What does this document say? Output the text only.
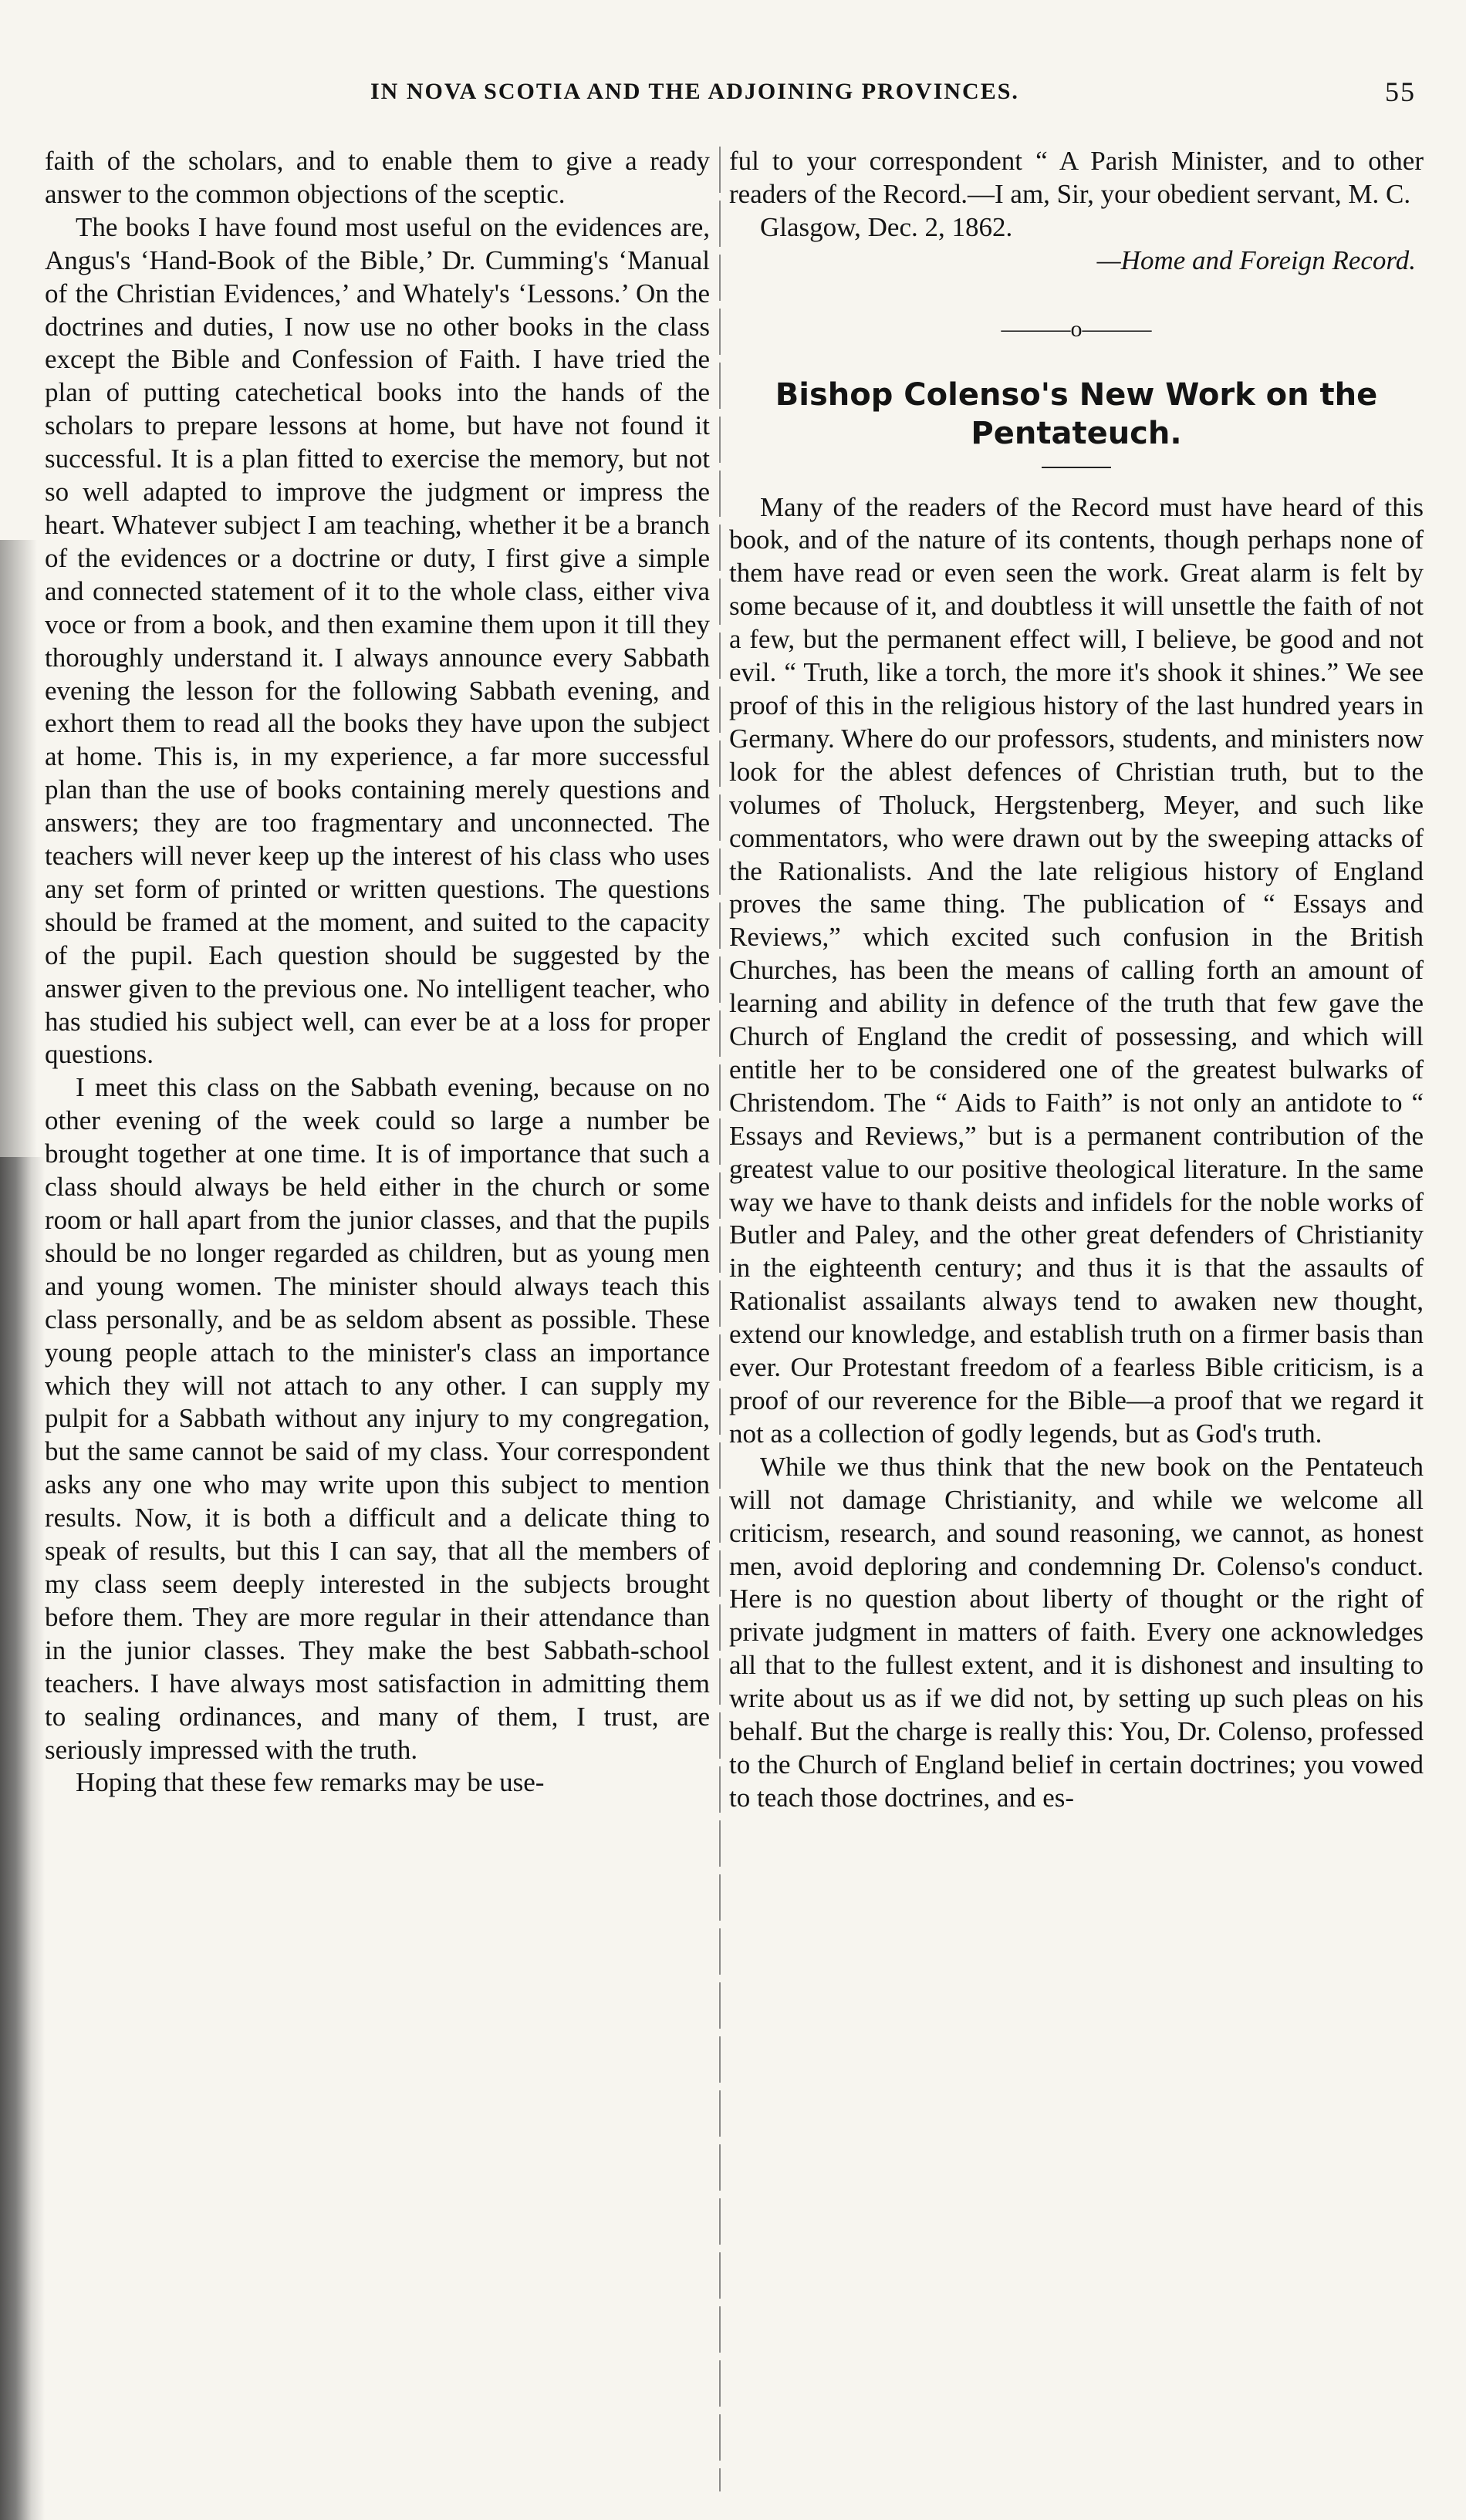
IN NOVA SCOTIA AND THE ADJOINING PROVINCES.	55

faith of the scholars, and to enable them to give a ready answer to the common objections of the sceptic.

The books I have found most useful on the evidences are, Angus's ‘Hand-Book of the Bible,’ Dr. Cumming's ‘Manual of the Christian Evidences,’ and Whately's ‘Lessons.’ On the doctrines and duties, I now use no other books in the class except the Bible and Confession of Faith. I have tried the plan of putting catechetical books into the hands of the scholars to prepare lessons at home, but have not found it successful. It is a plan fitted to exercise the memory, but not so well adapted to improve the judgment or impress the heart. Whatever subject I am teaching, whether it be a branch of the evidences or a doctrine or duty, I first give a simple and connected statement of it to the whole class, either viva voce or from a book, and then examine them upon it till they thoroughly understand it. I always announce every Sabbath evening the lesson for the following Sabbath evening, and exhort them to read all the books they have upon the subject at home. This is, in my experience, a far more successful plan than the use of books containing merely questions and answers; they are too fragmentary and unconnected. The teachers will never keep up the interest of his class who uses any set form of printed or written questions. The questions should be framed at the moment, and suited to the capacity of the pupil. Each question should be suggested by the answer given to the previous one. No intelligent teacher, who has studied his subject well, can ever be at a loss for proper questions.

I meet this class on the Sabbath evening, because on no other evening of the week could so large a number be brought together at one time. It is of importance that such a class should always be held either in the church or some room or hall apart from the junior classes, and that the pupils should be no longer regarded as children, but as young men and young women. The minister should always teach this class personally, and be as seldom absent as possible. These young people attach to the minister's class an importance which they will not attach to any other. I can supply my pulpit for a Sabbath without any injury to my congregation, but the same cannot be said of my class. Your correspondent asks any one who may write upon this subject to mention results. Now, it is both a difficult and a delicate thing to speak of results, but this I can say, that all the members of my class seem deeply interested in the subjects brought before them. They are more regular in their attendance than in the junior classes. They make the best Sabbath-school teachers. I have always most satisfaction in admitting them to sealing ordinances, and many of them, I trust, are seriously impressed with the truth.

Hoping that these few remarks may be use-

ful to your correspondent “ A Parish Minister, and to other readers of the Record.—I am, Sir, your obedient servant, M. C.

Glasgow, Dec. 2, 1862.

—Home and Foreign Record.

———o———
Bishop Colenso's New Work on the Pentateuch.

Many of the readers of the Record must have heard of this book, and of the nature of its contents, though perhaps none of them have read or even seen the work. Great alarm is felt by some because of it, and doubtless it will unsettle the faith of not a few, but the permanent effect will, I believe, be good and not evil. “ Truth, like a torch, the more it's shook it shines.” We see proof of this in the religious history of the last hundred years in Germany. Where do our professors, students, and ministers now look for the ablest defences of Christian truth, but to the volumes of Tholuck, Hergstenberg, Meyer, and such like commentators, who were drawn out by the sweeping attacks of the Rationalists. And the late religious history of England proves the same thing. The publication of “ Essays and Reviews,” which excited such confusion in the British Churches, has been the means of calling forth an amount of learning and ability in defence of the truth that few gave the Church of England the credit of possessing, and which will entitle her to be considered one of the greatest bulwarks of Christendom. The “ Aids to Faith” is not only an antidote to “ Essays and Reviews,” but is a permanent contribution of the greatest value to our positive theological literature. In the same way we have to thank deists and infidels for the noble works of Butler and Paley, and the other great defenders of Christianity in the eighteenth century; and thus it is that the assaults of Rationalist assailants always tend to awaken new thought, extend our knowledge, and establish truth on a firmer basis than ever. Our Protestant freedom of a fearless Bible criticism, is a proof of our reverence for the Bible—a proof that we regard it not as a collection of godly legends, but as God's truth.

While we thus think that the new book on the Pentateuch will not damage Christianity, and while we welcome all criticism, research, and sound reasoning, we cannot, as honest men, avoid deploring and condemning Dr. Colenso's conduct. Here is no question about liberty of thought or the right of private judgment in matters of faith. Every one acknowledges all that to the fullest extent, and it is dishonest and insulting to write about us as if we did not, by setting up such pleas on his behalf. But the charge is really this: You, Dr. Colenso, professed to the Church of England belief in certain doctrines; you vowed to teach those doctrines, and es-
